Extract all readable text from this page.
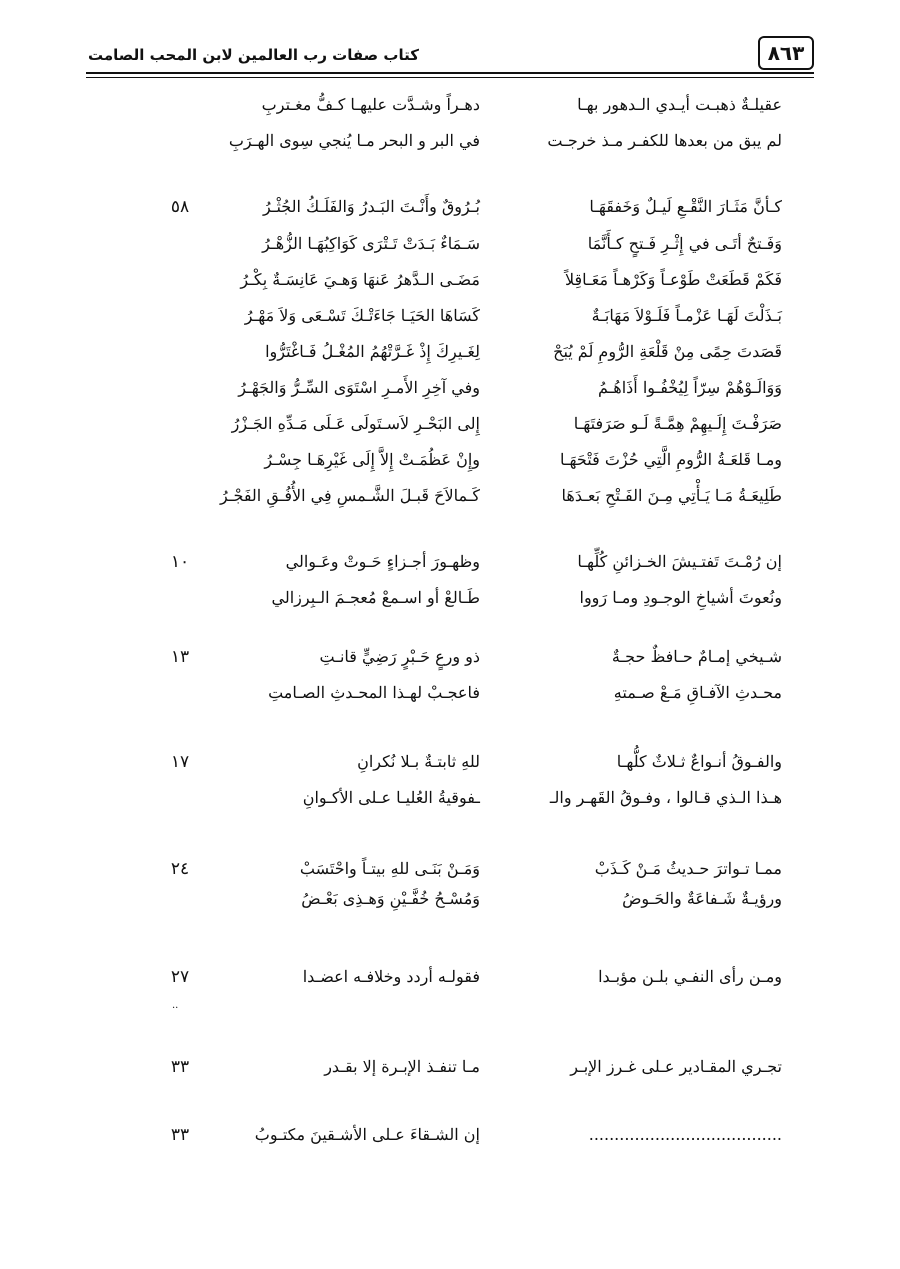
٨٦٣
كتاب صفات رب العالمين لابن المحب الصامت
عقيلـةٌ ذهبـت أيـدي الـدهور بهـا
دهـراً وشـدَّت عليهـا كـفُّ مغـتربِ
لم يبق من بعدها للكفـر مـذ خرجـت
في البر و البحر مـا يُنجي سِوى الهـرَبِ
كـأنَّ مَثَـارَ النَّقْـعِ لَيـلٌ وَخَفقَهَـا
بُـرُوقٌ وأَنْـتَ البَـدرُ وَالفَلَـكُ الجُثْـرُ
٥٨
وَفَـتحٌ أتَـى في إِثْـرِ فَـتحٍ كـأَنَّمَا
سَـمَاءٌ بَـدَتْ تَـتْرَى كَوَاكِبُهَـا الزُّهْـرُ
فَكَمْ قَطَعَتْ طَوْعـاً وَكَرْهـاً مَعَـاقِلاً
مَضَـى الـدَّهرُ عَنهَا وَهـيَ عَانِسَـةٌ بِكْـرُ
بَـذَلْتَ لَهَـا عَزْمـاً فَلَـوْلاَ مَهَابَـةٌ
كَسَاهَا الحَيَـا جَاءَتْـكَ تَسْـعَى وَلاَ مَهْـرُ
قَصَدتَ حِمًى مِنْ قَلْعَةِ الرُّومِ لَمْ يُبَحْ
لِغَـيرِكَ إِذْ غَـرَّتْهُمُ المُغْـلُ فَـاغْتَرُّوا
وَوَالَـوْهُمْ سِرّاً لِيُخْفُـوا أَذَاهُـمُ
وفي آخِرِ الأَمـرِ اسْتَوَى السِّـرُّ وَالجَهْـرُ
صَرَفْـتَ إِلَـيهِمْ هِمَّـةً لَـو صَرَفتَهَـا
إِلى البَحْـرِ لاَسـتَولَى عَـلَى مَـدِّهِ الجَـزْرُ
ومـا قَلعَـةُ الرُّومِ الَّتِي حُزْتَ فَتْحَهَـا
وإِنْ عَظُمَـتْ إِلاَّ إِلَى غَيْرِهَـا جِسْـرُ
طَلِيعَـةُ مَـا يَـأْتِي مِـنَ الفَـتْحِ بَعـدَهَا
كَـمالاَحَ قَبـلَ الشَّـمسِ فِي الأُفُـقِ الفَجْـرُ
إن رُمْـتَ تَفتـيشَ الخـزائنِ كُلِّهـا
وظهـورَ أجـزاءٍ حَـوتْ وعَـوالي
١٠
ونُعوتَ أشياخِ الوجـودِ ومـا رَووا
طَـالعْ أو اسـمعْ مُعجـمَ الـبِرزالي
شـيخي إمـامٌ حـافظٌ حجـةٌ
ذو ورعٍ حَـبْرٍ رَضِيٍّ قانـتِ
١٣
محـدثِ الآفـاقِ مَـعْ صـمتهِ
فاعجـبْ لهـذا المحـدثِ الصـامتِ
والفـوقُ أنـواعٌ ثـلاثٌ كلُّهـا
للهِ ثابتـةٌ بـلا نُكرانِ
١٧
هـذا الـذي قـالوا ، وفـوقُ القَهـر والـ
ـفوقيةُ العُليـا عـلى الأكـوانِ
ممـا تـواترَ حـديثُ مَـنْ كَـذَبْ
وَمَـنْ بَنَـى للهِ بيتـاً واحْتَسَبْ
٢٤
ورؤيـةٌ شَـفاعَةٌ والحَـوضُ
وَمُسْـحُ خُفَّـيْنِ وَهـذِى بَعْـضُ
ومـن رأى النفـي بلـن مؤبـدا
فقولـه أردد وخلافـه اعضـدا
٢٧
..
تجـري المقـادير عـلى غـرز الإبـر
مـا تنفـذ الإبـرة إلا بقـدر
٣٣
......................................
إن الشـقاءَ عـلى الأشـقينَ مكتـوبُ
٣٣
